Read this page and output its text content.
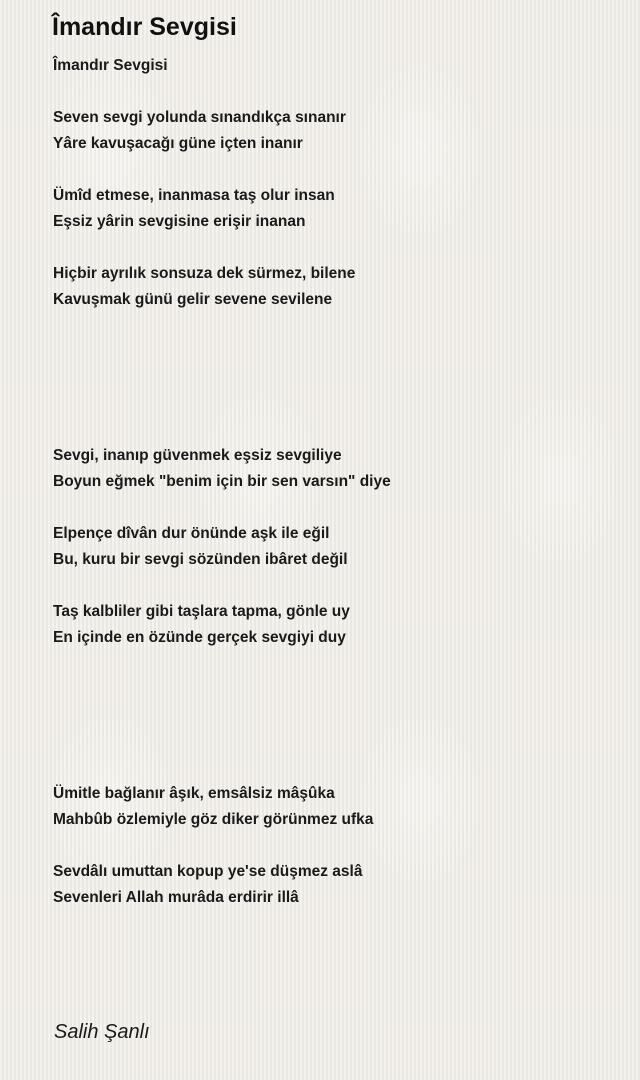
Îmandır Sevgisi
Îmandır Sevgisi
Seven sevgi yolunda sınandıkça sınanır
Yâre kavuşacağı güne içten inanır
Ümîd etmese, inanmasa taş olur insan
Eşsiz yârin sevgisine erişir inanan
Hiçbir ayrılık sonsuza dek sürmez, bilene
Kavuşmak günü gelir sevene sevilene
Sevgi, inanıp güvenmek eşsiz sevgiliye
Boyun eğmek "benim için bir sen varsın" diye
Elpençe dîvân dur önünde aşk ile eğil
Bu, kuru bir sevgi sözünden ibâret değil
Taş kalbliler gibi taşlara tapma, gönle uy
En içinde en özünde gerçek sevgiyi duy
Ümitle bağlanır âşık, emsâlsiz mâşûka
Mahbûb özlemiyle göz diker görünmez ufka
Sevdâlı umuttan kopup ye'se düşmez aslâ
Sevenleri Allah murâda erdirir illâ
Salih Şanlı
